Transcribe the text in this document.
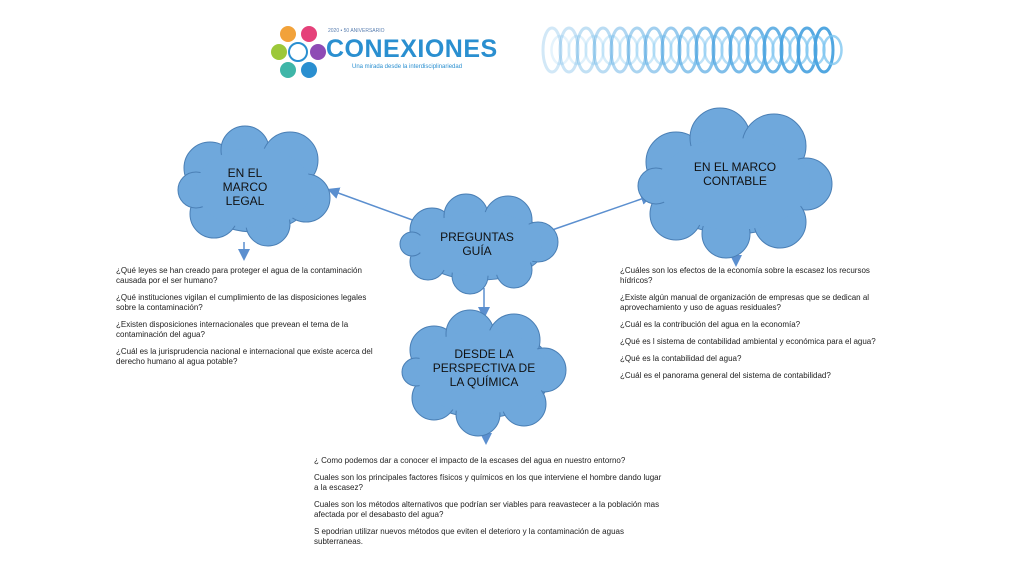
2020 • 50 ANIVERSARIO
CONEXIONES
Una mirada desde la interdisciplinariedad
EN EL MARCO LEGAL
EN EL MARCO CONTABLE
PREGUNTAS GUÍA
DESDE LA PERSPECTIVA DE LA QUÍMICA

¿Qué leyes se han creado para proteger el agua de la contaminación causada por el ser humano?

¿Qué instituciones vigilan el cumplimiento de las disposiciones legales sobre la contaminación?

¿Existen disposiciones internacionales que prevean el tema de la contaminación del agua?

¿Cuál es la jurisprudencia nacional e internacional que existe acerca del derecho humano al agua potable?

¿Cuáles son los efectos de la economía sobre la escasez los recursos hídricos?

¿Existe algún manual de organización de empresas que se dedican al aprovechamiento y uso de aguas residuales?

¿Cuál es la contribución del agua en la economía?

¿Qué es l sistema de contabilidad ambiental y económica para el agua?

¿Qué es la contabilidad del agua?

¿Cuál es el panorama general del sistema de contabilidad?

¿ Como podemos dar a conocer el impacto de la escases del agua en nuestro entorno?

Cuales son los principales factores físicos y químicos en los que interviene el hombre dando lugar a la escasez?

Cuales son los métodos alternativos que podrían ser viables para reavastecer a la población mas afectada por el desabasto del agua?

S epodrian utilizar nuevos métodos que eviten el deterioro y la contaminación de aguas subterraneas.
